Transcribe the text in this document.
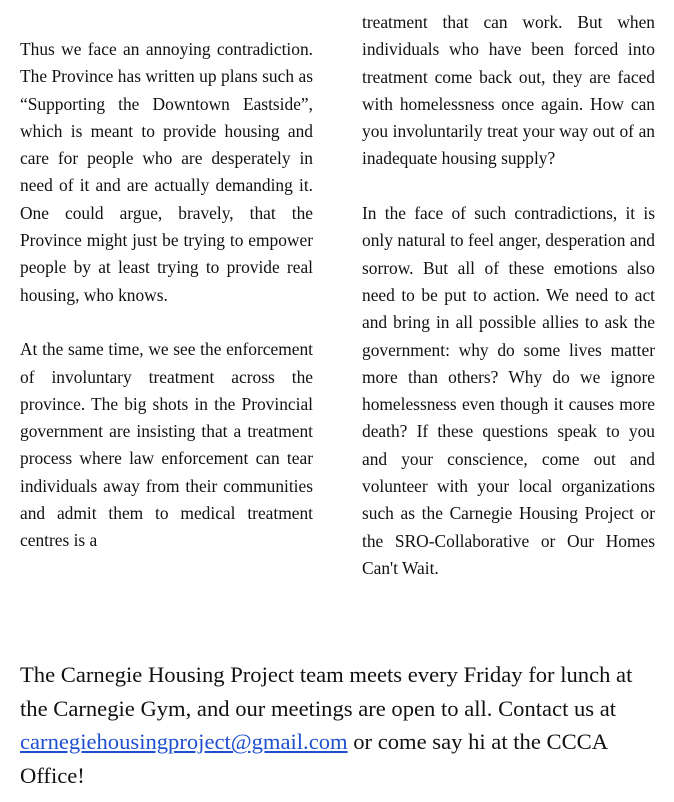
Thus we face an annoying contradiction. The Province has written up plans such as “Supporting the Downtown Eastside”, which is meant to provide housing and care for people who are desperately in need of it and are actually demanding it. One could argue, bravely, that the Province might just be trying to empower people by at least trying to provide real housing, who knows.

At the same time, we see the enforcement of involuntary treatment across the province. The big shots in the Provincial government are insisting that a treatment process where law enforcement can tear individuals away from their communities and admit them to medical treatment centres is a

treatment that can work. But when individuals who have been forced into treatment come back out, they are faced with homelessness once again. How can you involuntarily treat your way out of an inadequate housing supply?

In the face of such contradictions, it is only natural to feel anger, desperation and sorrow. But all of these emotions also need to be put to action. We need to act and bring in all possible allies to ask the government: why do some lives matter more than others? Why do we ignore homelessness even though it causes more death? If these questions speak to you and your conscience, come out and volunteer with your local organizations such as the Carnegie Housing Project or the SRO-Collaborative or Our Homes Can't Wait.

The Carnegie Housing Project team meets every Friday for lunch at the Carnegie Gym, and our meetings are open to all. Contact us at carnegiehousingproject@gmail.com or come say hi at the CCCA Office!
